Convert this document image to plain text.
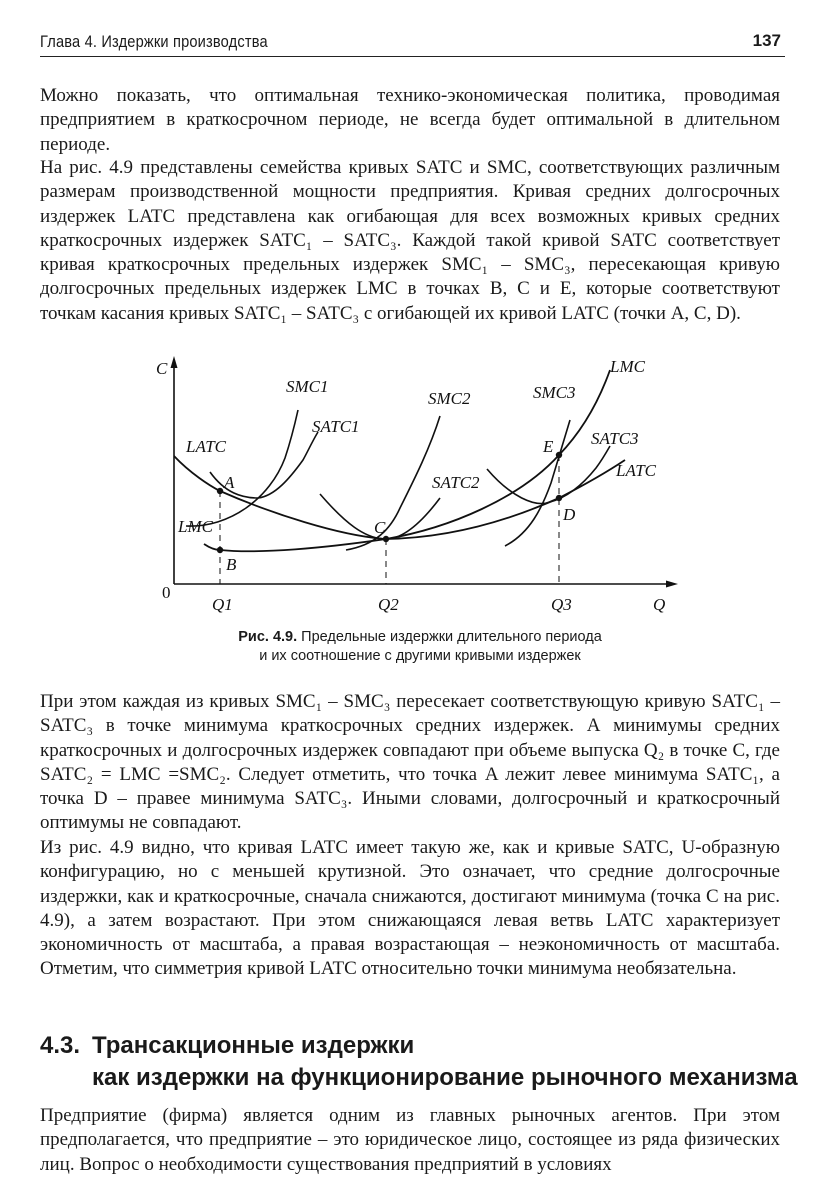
Глава 4. Издержки производства	137

Можно показать, что оптимальная технико-экономическая политика, проводимая предприятием в краткосрочном периоде, не всегда будет оптимальной в длительном периоде.

На рис. 4.9 представлены семейства кривых SATC и SMC, соответствующих различным размерам производственной мощности предприятия. Кривая средних долгосрочных издержек LATC представлена как огибающая для всех возможных кривых средних краткосрочных издержек SATC₁ – SATC₃. Каждой такой кривой SATC соответствует кривая краткосрочных предельных издержек SMC₁ – SMC₃, пересекающая кривую долгосрочных предельных издержек LMC в точках B, C и E, которые соответствуют точкам касания кривых SATC₁ – SATC₃ с огибающей их кривой LATC (точки A, C, D).

C
0
Q
Q1	Q2	Q3
SMC1
SATC1
SMC2
SATC2
SMC3
SATC3
LATC
LATC
LMC
LMC
A
B
C
D
E
Рис. 4.9. Предельные издержки длительного периода
и их соотношение с другими кривыми издержек

При этом каждая из кривых SMC₁ – SMC₃ пересекает соответствующую кривую SATC₁ – SATC₃ в точке минимума краткосрочных средних издержек. А минимумы средних краткосрочных и долгосрочных издержек совпадают при объеме выпуска Q₂ в точке C, где SATC₂ = LMC =SMC₂. Следует отметить, что точка A лежит левее минимума SATC₁, а точка D – правее минимума SATC₃. Иными словами, долгосрочный и краткосрочный оптимумы не совпадают.

Из рис. 4.9 видно, что кривая LATC имеет такую же, как и кривые SATC, U-образную конфигурацию, но с меньшей крутизной. Это означает, что средние долгосрочные издержки, как и краткосрочные, сначала снижаются, достигают минимума (точка C на рис. 4.9), а затем возрастают. При этом снижающаяся левая ветвь LATC характеризует экономичность от масштаба, а правая возрастающая – неэкономичность от масштаба. Отметим, что симметрия кривой LATC относительно точки минимума необязательна.

4.3. Трансакционные издержки
как издержки на функционирование рыночного механизма

Предприятие (фирма) является одним из главных рыночных агентов. При этом предполагается, что предприятие – это юридическое лицо, состоящее из ряда физических лиц. Вопрос о необходимости существования предприятий в условиях
